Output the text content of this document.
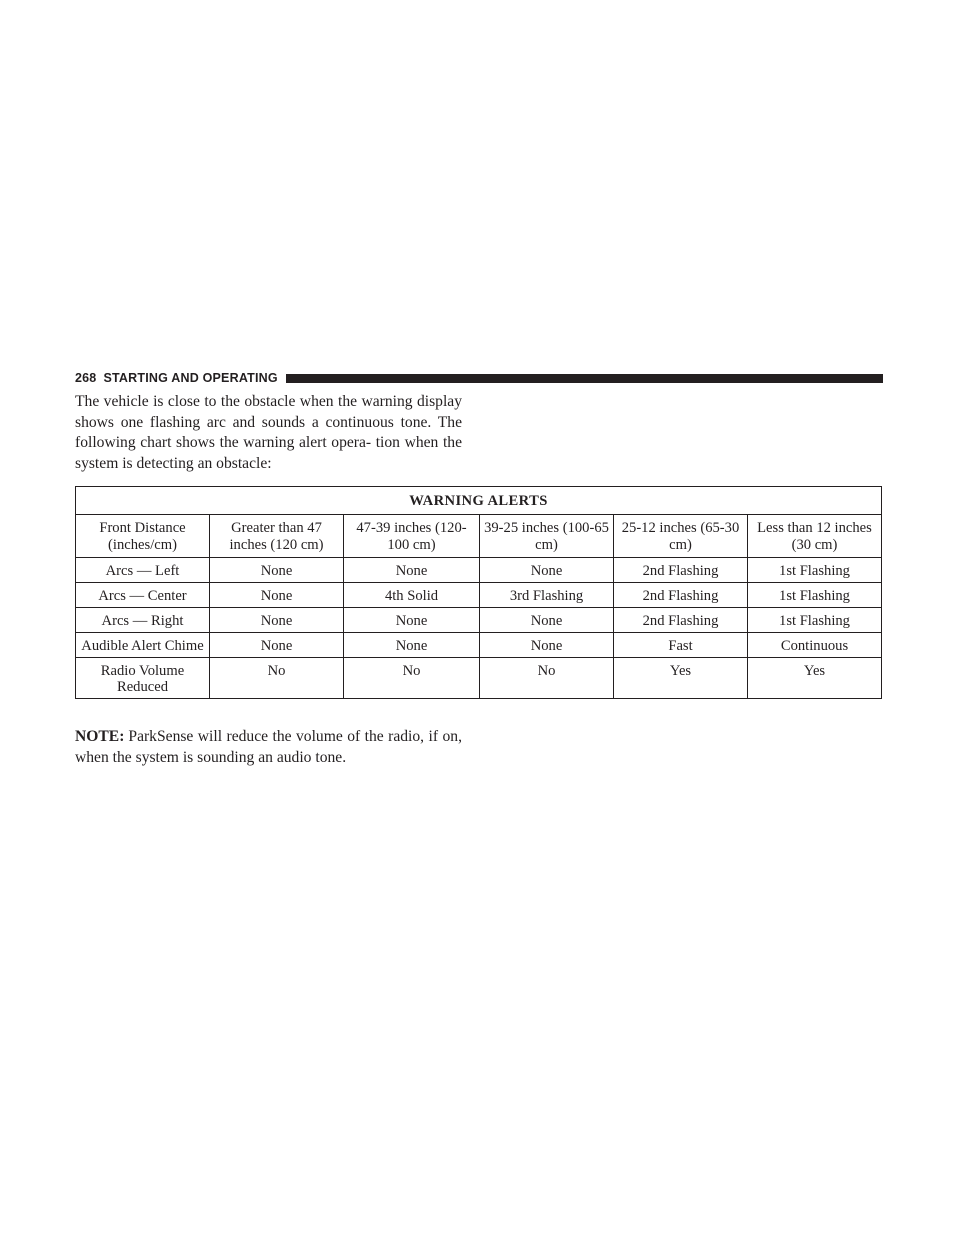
268 STARTING AND OPERATING
The vehicle is close to the obstacle when the warning display shows one flashing arc and sounds a continuous tone. The following chart shows the warning alert opera- tion when the system is detecting an obstacle:
WARNING ALERTS					
Front Distance (inches/cm)	Greater than 47 inches (120 cm)	47-39 inches (120-100 cm)	39-25 inches (100-65 cm)	25-12 inches (65-30 cm)	Less than 12 inches (30 cm)
Arcs — Left	None	None	None	2nd Flashing	1st Flashing
Arcs — Center	None	4th Solid	3rd Flashing	2nd Flashing	1st Flashing
Arcs — Right	None	None	None	2nd Flashing	1st Flashing
Audible Alert Chime	None	None	None	Fast	Continuous
Radio Volume Reduced	No	No	No	Yes	Yes
NOTE: ParkSense will reduce the volume of the radio, if on, when the system is sounding an audio tone.
